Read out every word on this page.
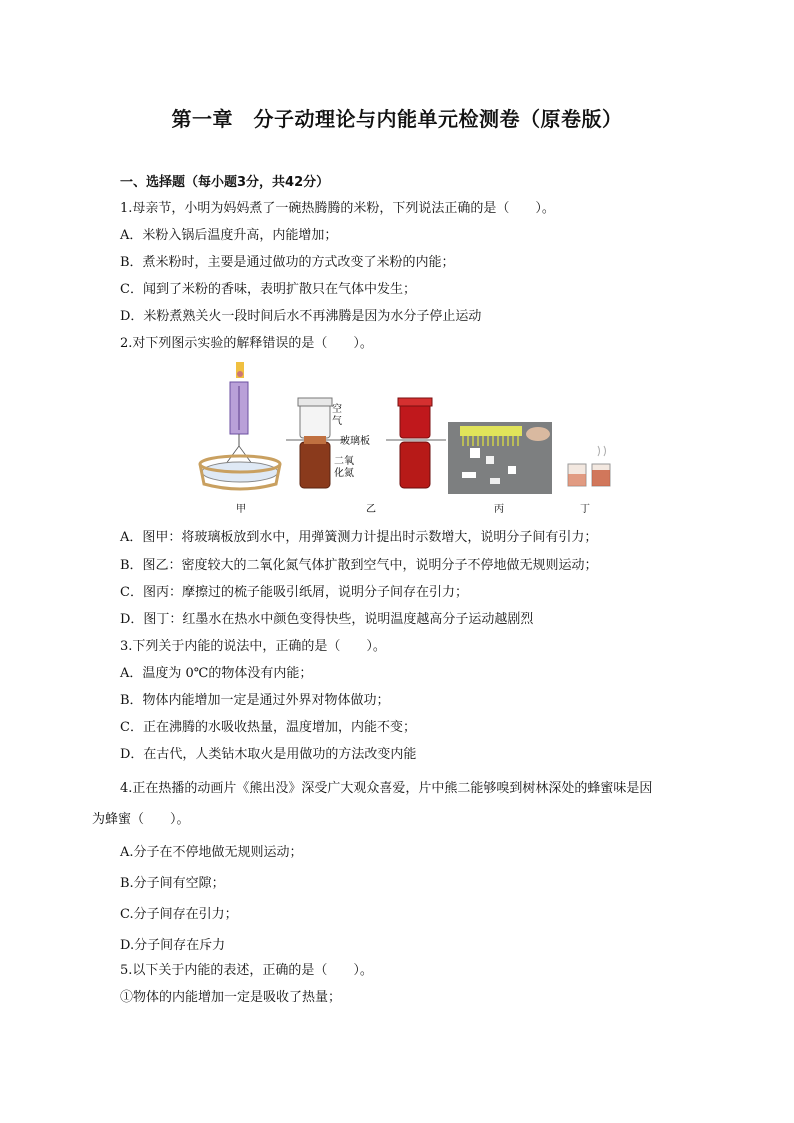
第一章　分子动理论与内能单元检测卷（原卷版）
一、选择题（每小题3分，共42分）
1.母亲节，小明为妈妈煮了一碗热腾腾的米粉，下列说法正确的是（　　）。
A．米粉入锅后温度升高，内能增加；
B．煮米粉时，主要是通过做功的方式改变了米粉的内能；
C．闻到了米粉的香味，表明扩散只在气体中发生；
D．米粉煮熟关火一段时间后水不再沸腾是因为水分子停止运动
2.对下列图示实验的解释错误的是（　　）。
甲
空
气
玻璃板
二氧
化氮
乙	丙	丁
A．图甲：将玻璃板放到水中，用弹簧测力计提出时示数增大，说明分子间有引力；
B．图乙：密度较大的二氧化氮气体扩散到空气中，说明分子不停地做无规则运动；
C．图丙：摩擦过的梳子能吸引纸屑，说明分子间存在引力；
D．图丁：红墨水在热水中颜色变得快些，说明温度越高分子运动越剧烈
3.下列关于内能的说法中，正确的是（　　）。
A．温度为 0℃的物体没有内能；
B．物体内能增加一定是通过外界对物体做功；
C．正在沸腾的水吸收热量，温度增加，内能不变；
D．在古代，人类钻木取火是用做功的方法改变内能
4.正在热播的动画片《熊出没》深受广大观众喜爱，片中熊二能够嗅到树林深处的蜂蜜味是因
为蜂蜜（　　）。
A.分子在不停地做无规则运动；
B.分子间有空隙；
C.分子间存在引力；
D.分子间存在斥力
5.以下关于内能的表述，正确的是（　　）。
①物体的内能增加一定是吸收了热量；
